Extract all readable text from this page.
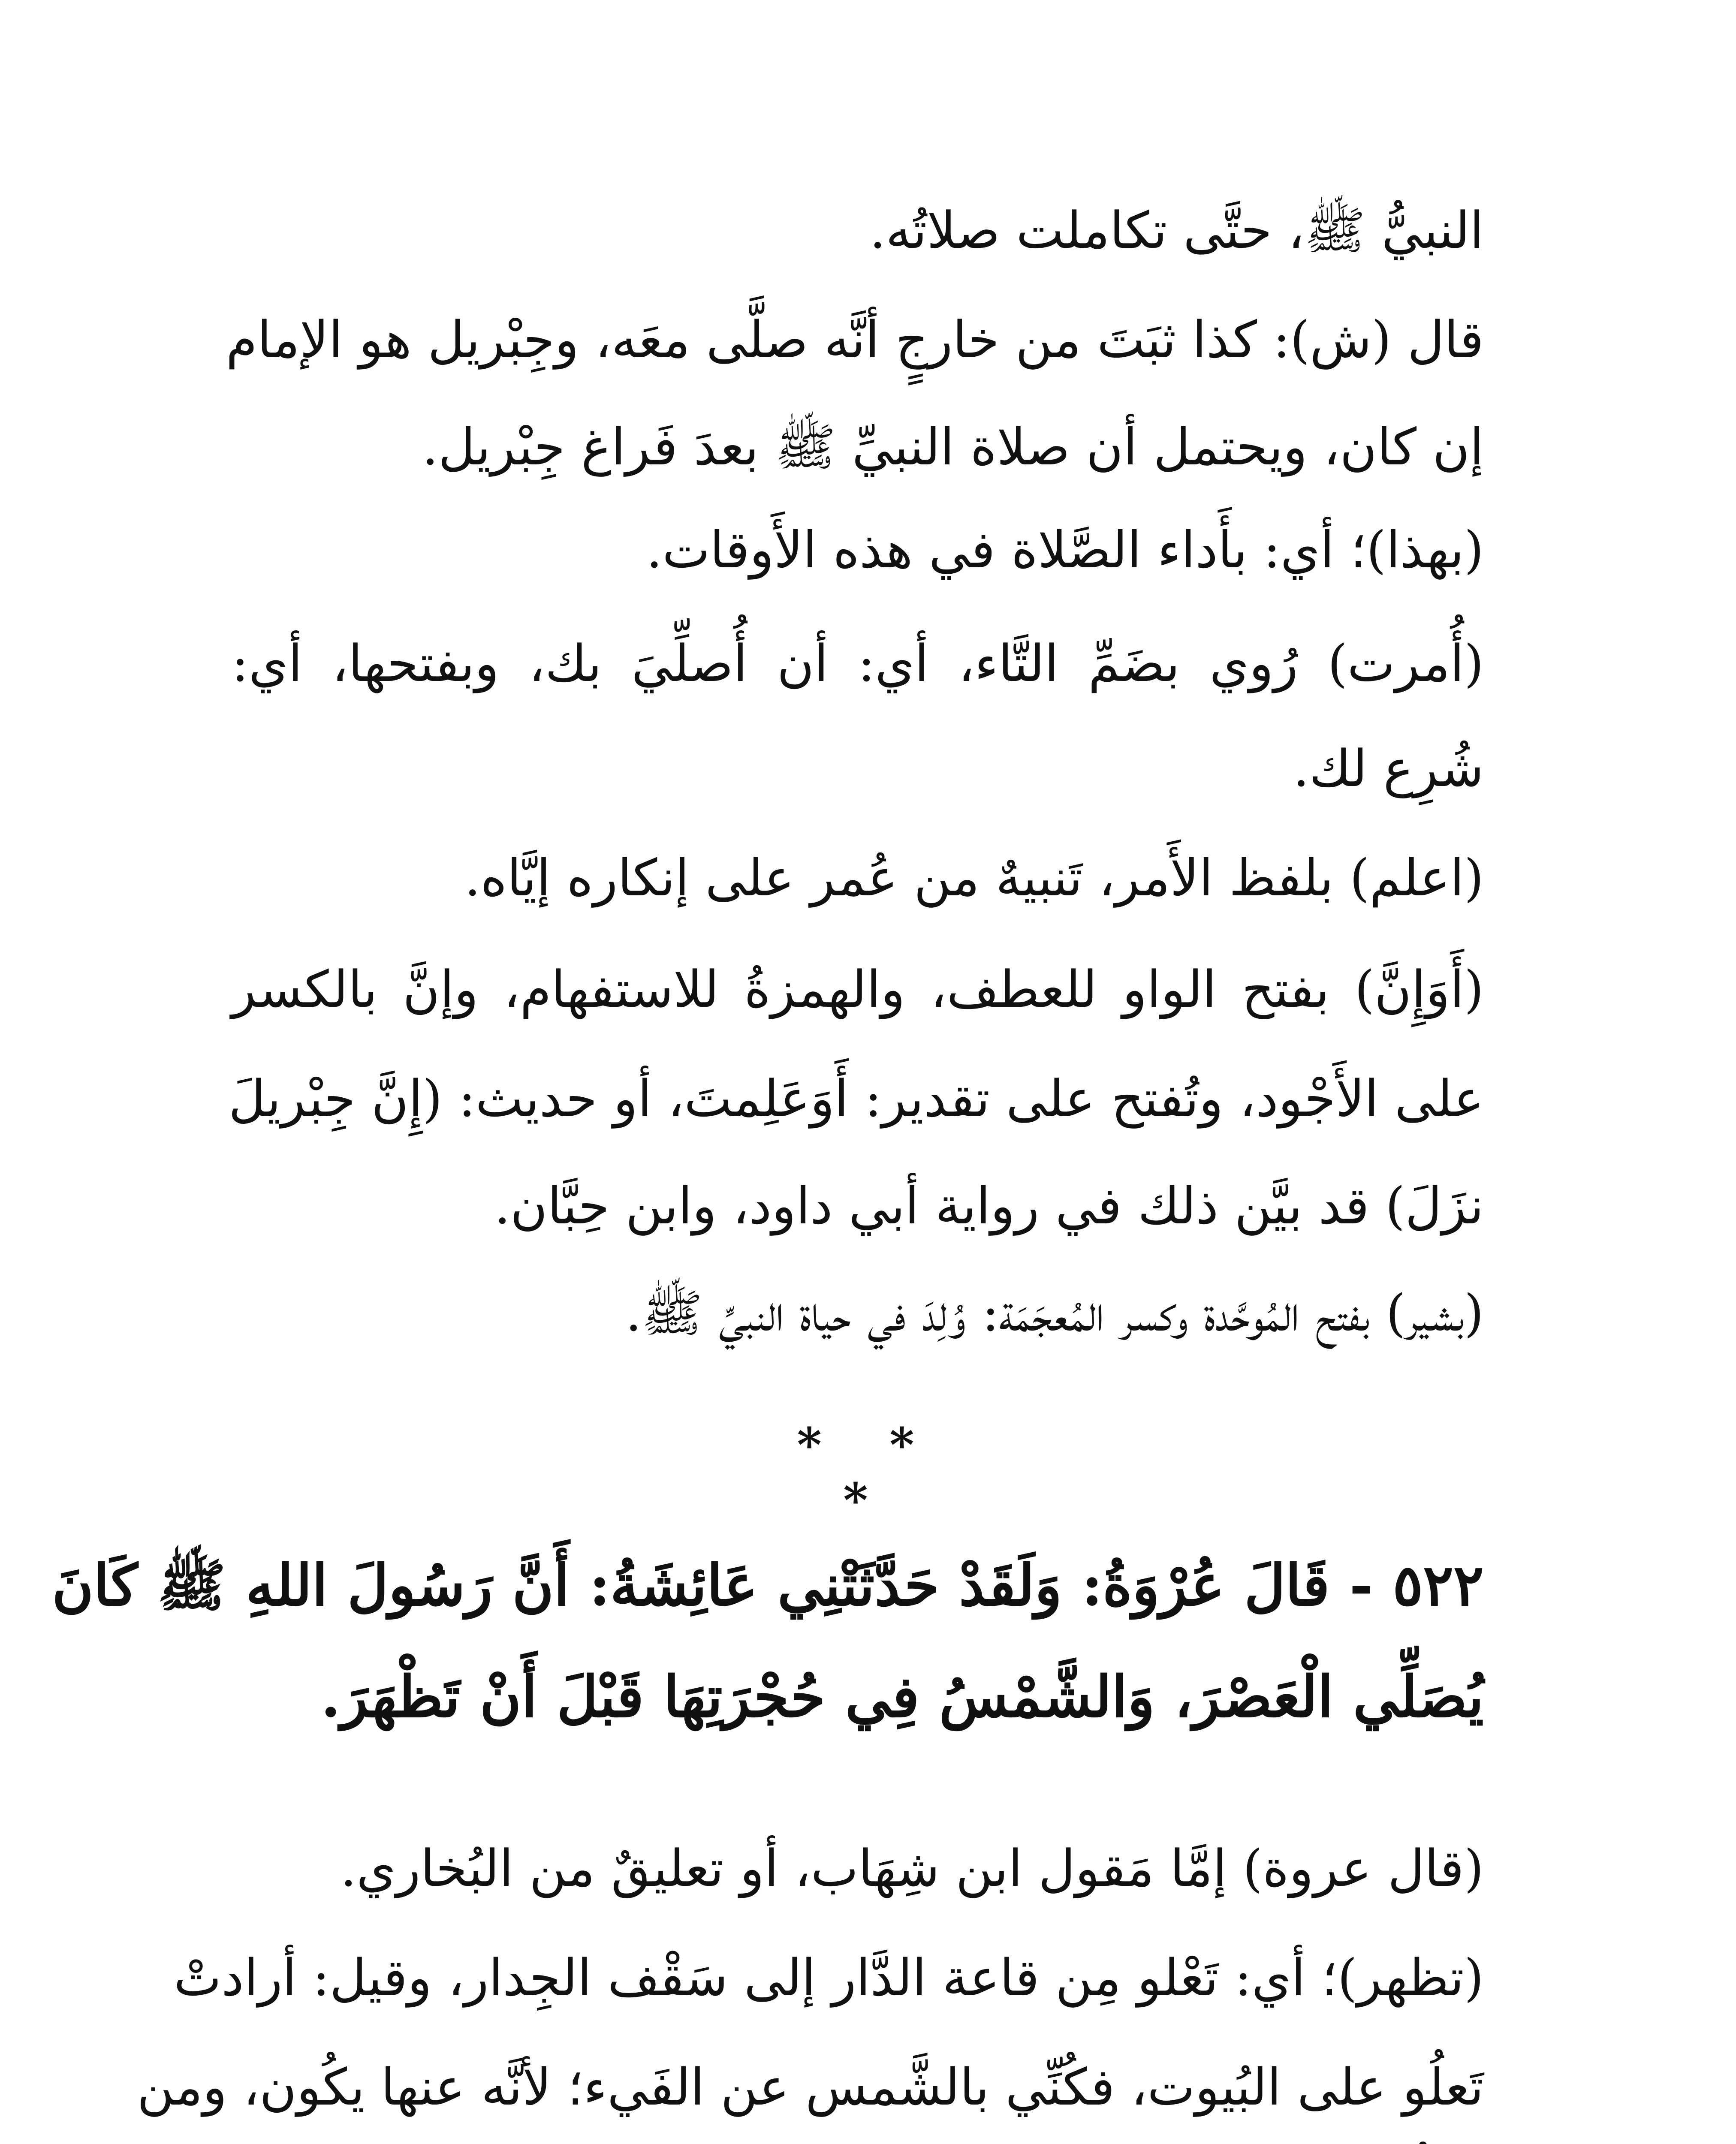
النبيُّ ﷺ، حتَّى تكاملت صلاتُه.
قال (ش): كذا ثبَتَ من خارجٍ أنَّه صلَّى معَه، وجِبْريل هو الإمام
إن كان، ويحتمل أن صلاة النبيِّ ﷺ بعدَ فَراغ جِبْريل.
(بهذا)؛ أي: بأَداء الصَّلاة في هذه الأَوقات.
(أُمرت) رُوي بضَمِّ التَّاء، أي: أن أُصلِّيَ بك، وبفتحها، أي:
شُرِع لك.
(اعلم) بلفظ الأَمر، تَنبيهٌ من عُمر على إنكاره إيَّاه.
(أَوَإِنَّ) بفتح الواو للعطف، والهمزةُ للاستفهام، وإنَّ بالكسر
على الأَجْود، وتُفتح على تقدير: أَوَعَلِمتَ، أو حديث: (إِنَّ جِبْريلَ
نزَلَ) قد بيَّن ذلك في رواية أبي داود، وابن حِبَّان.
(بشير) بفتح المُوحَّدة وكسر المُعجَمَة: وُلِدَ في حياة النبيِّ ﷺ.
* * *
٥٢٢ - قَالَ عُرْوَةُ: وَلَقَدْ حَدَّثَتْنِي عَائِشَةُ: أَنَّ رَسُولَ اللهِ ﷺ كَانَ
يُصَلِّي الْعَصْرَ، وَالشَّمْسُ فِي حُجْرَتِهَا قَبْلَ أَنْ تَظْهَرَ.
(قال عروة) إمَّا مَقول ابن شِهَاب، أو تعليقٌ من البُخاري.
(تظهر)؛ أي: تَعْلو مِن قاعة الدَّار إلى سَقْف الجِدار، وقيل: أرادتْ
تَعلُو على البُيوت، فكُنِّي بالشَّمس عن الفَيء؛ لأنَّه عنها يكُون، ومن
